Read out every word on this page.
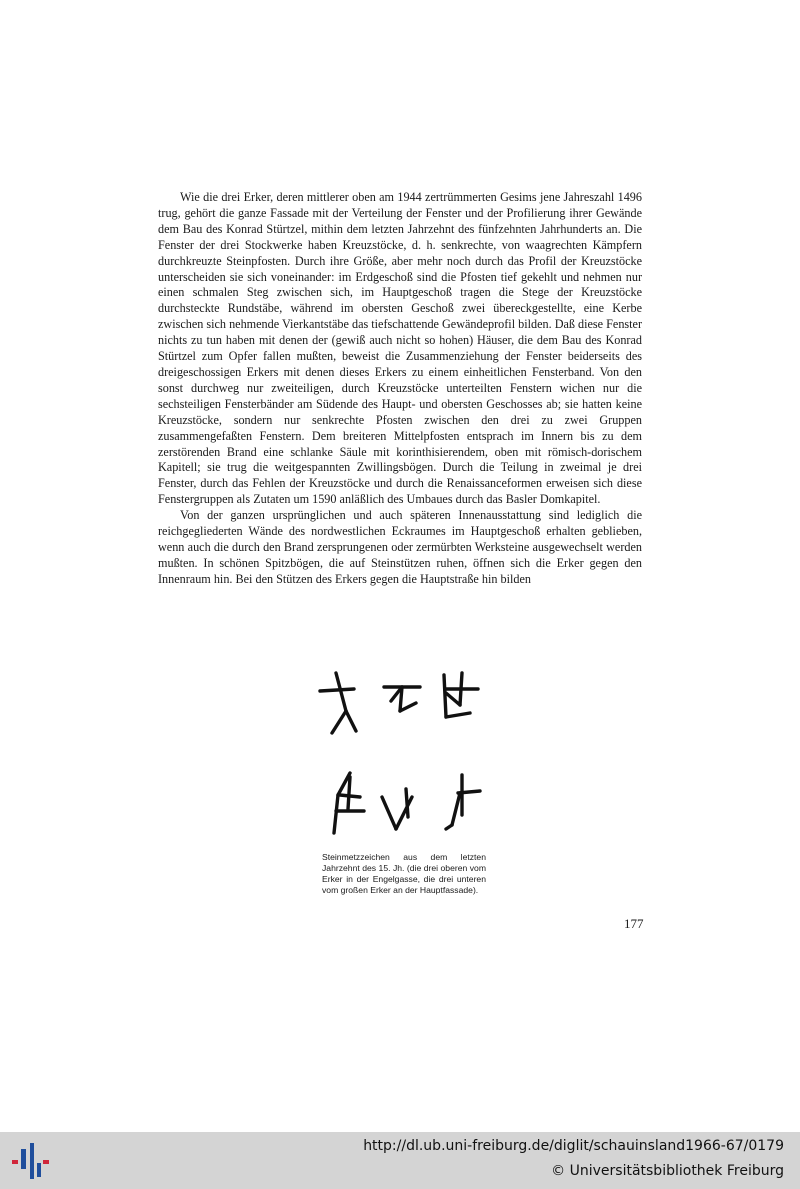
Wie die drei Erker, deren mittlerer oben am 1944 zertrümmerten Gesims jene Jahreszahl 1496 trug, gehört die ganze Fassade mit der Verteilung der Fenster und der Profilierung ihrer Gewände dem Bau des Konrad Stürtzel, mithin dem letzten Jahrzehnt des fünfzehnten Jahrhunderts an. Die Fenster der drei Stockwerke haben Kreuzstöcke, d. h. senkrechte, von waagrechten Kämpfern durchkreuzte Steinpfosten. Durch ihre Größe, aber mehr noch durch das Profil der Kreuzstöcke unterscheiden sie sich voneinander: im Erdgeschoß sind die Pfosten tief gekehlt und nehmen nur einen schmalen Steg zwischen sich, im Hauptgeschoß tragen die Stege der Kreuzstöcke durchsteckte Rundstäbe, während im obersten Geschoß zwei übereckgestellte, eine Kerbe zwischen sich nehmende Vierkantstäbe das tiefschattende Gewändeprofil bilden. Daß diese Fenster nichts zu tun haben mit denen der (gewiß auch nicht so hohen) Häuser, die dem Bau des Konrad Stürtzel zum Opfer fallen mußten, beweist die Zusammenziehung der Fenster beiderseits des dreigeschossigen Erkers mit denen dieses Erkers zu einem einheitlichen Fensterband. Von den sonst durchweg nur zweiteiligen, durch Kreuzstöcke unterteilten Fenstern wichen nur die sechsteiligen Fensterbänder am Südende des Haupt- und obersten Geschosses ab; sie hatten keine Kreuzstöcke, sondern nur senkrechte Pfosten zwischen den drei zu zwei Gruppen zusammengefaßten Fenstern. Dem breiteren Mittelpfosten entsprach im Innern bis zu dem zerstörenden Brand eine schlanke Säule mit korinthisierendem, oben mit römisch-dorischem Kapitell; sie trug die weitgespannten Zwillingsbögen. Durch die Teilung in zweimal je drei Fenster, durch das Fehlen der Kreuzstöcke und durch die Renaissanceformen erweisen sich diese Fenstergruppen als Zutaten um 1590 anläßlich des Umbaues durch das Basler Domkapitel.

Von der ganzen ursprünglichen und auch späteren Innenausstattung sind lediglich die reichgegliederten Wände des nordwestlichen Eckraumes im Hauptgeschoß erhalten geblieben, wenn auch die durch den Brand zersprungenen oder zermürbten Werksteine ausgewechselt werden mußten. In schönen Spitzbögen, die auf Steinstützen ruhen, öffnen sich die Erker gegen den Innenraum hin. Bei den Stützen des Erkers gegen die Hauptstraße hin bilden

Steinmetzzeichen aus dem letzten Jahrzehnt des 15. Jh. (die drei oberen vom Erker in der Engelgasse, die drei unteren vom großen Erker an der Hauptfassade).
177
http://dl.ub.uni-freiburg.de/diglit/schauinsland1966-67/0179
© Universitätsbibliothek Freiburg
